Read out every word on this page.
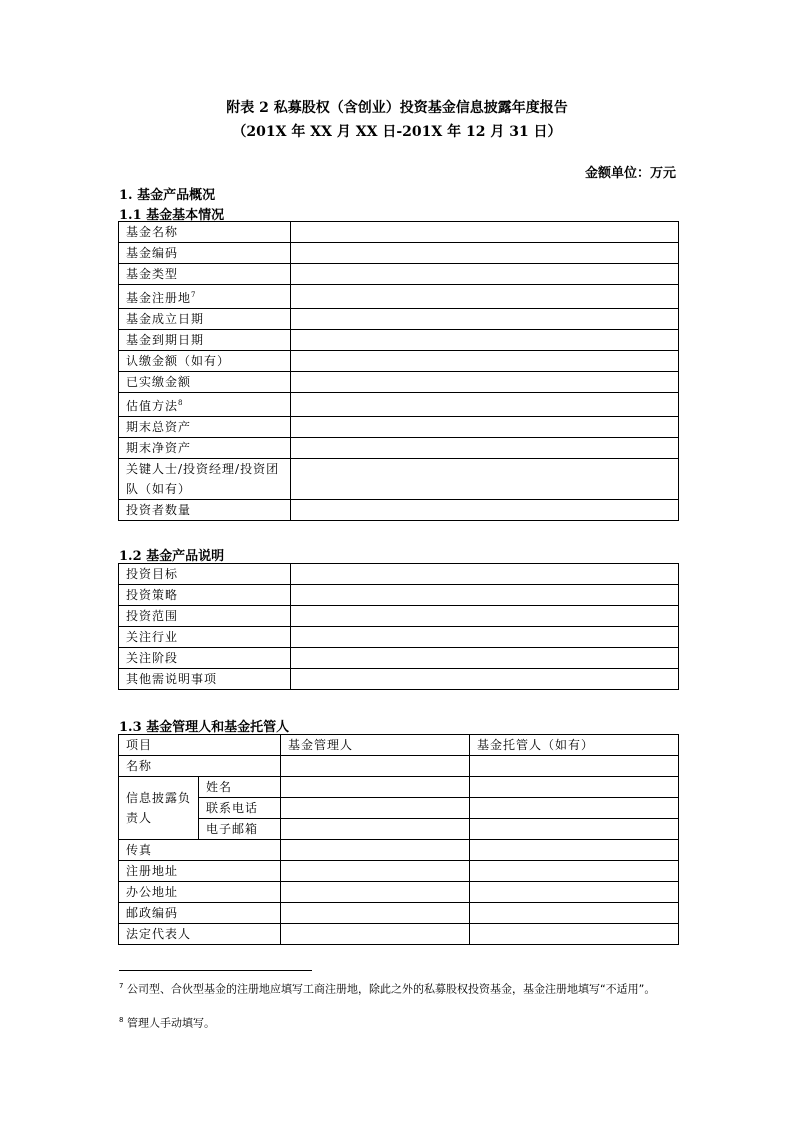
附表 2 私募股权（含创业）投资基金信息披露年度报告
（201X 年 XX 月 XX 日-201X 年 12 月 31 日）
金额单位：万元
1. 基金产品概况
1.1 基金基本情况
基金名称	
基金编码	
基金类型	
基金注册地$^7$	
基金成立日期	
基金到期日期	
认缴金额（如有）	
已实缴金额	
估值方法$^8$	
期末总资产	
期末净资产	
关键人士/投资经理/投资团队（如有）	
投资者数量	
1.2 基金产品说明
投资目标	
投资策略	
投资范围	
关注行业	
关注阶段	
其他需说明事项	
1.3 基金管理人和基金托管人
项目		基金管理人	基金托管人（如有）
名称			
信息披露负责人	姓名		
	联系电话		
	电子邮箱		
传真			
注册地址			
办公地址			
邮政编码			
法定代表人			
$^7$ 公司型、合伙型基金的注册地应填写工商注册地，除此之外的私募股权投资基金，基金注册地填写“不适用”。
$^8$ 管理人手动填写。
